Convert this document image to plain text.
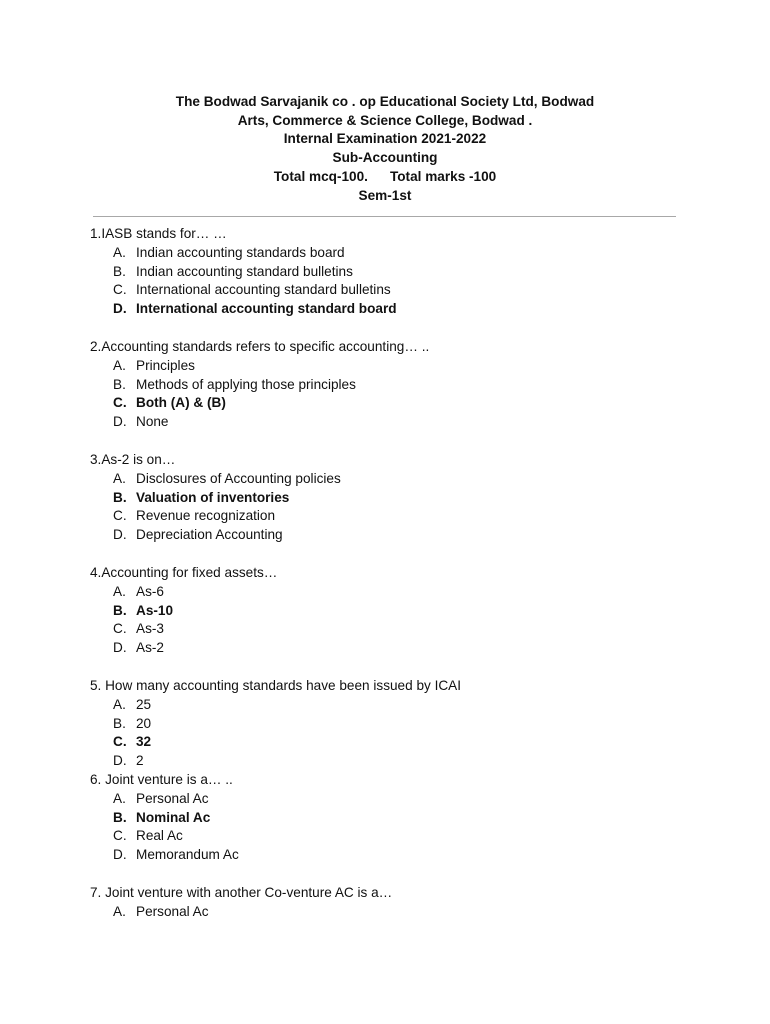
The Bodwad Sarvajanik co . op Educational Society Ltd, Bodwad
Arts, Commerce & Science College, Bodwad .
Internal Examination 2021-2022
Sub-Accounting
Total mcq-100. Total marks -100
Sem-1st
1.IASB stands for… …
A. Indian accounting standards board
B. Indian accounting standard bulletins
C. International accounting standard bulletins
D. International accounting standard board
2.Accounting standards refers to specific accounting… ..
A. Principles
B. Methods of applying those principles
C. Both (A) & (B)
D. None
3.As-2 is on…
A. Disclosures of Accounting policies
B. Valuation of inventories
C. Revenue recognization
D. Depreciation Accounting
4.Accounting for fixed assets…
A. As-6
B. As-10
C. As-3
D. As-2
5. How many accounting standards have been issued by ICAI
A. 25
B. 20
C. 32
D. 2
6. Joint venture is a… ..
A. Personal Ac
B. Nominal Ac
C. Real Ac
D. Memorandum Ac
7. Joint venture with another Co-venture AC is a…
A. Personal Ac
